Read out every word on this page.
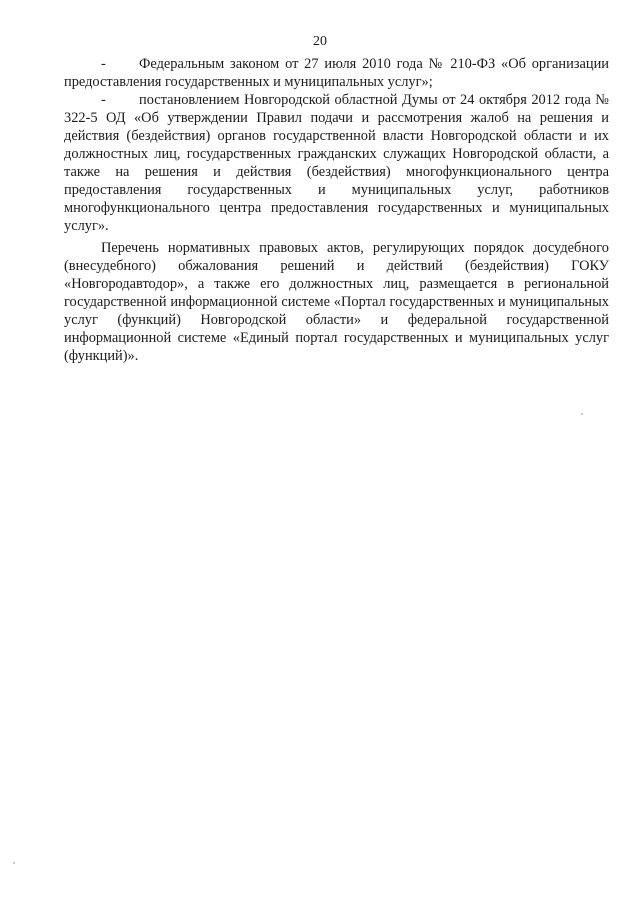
20

- Федеральным законом от 27 июля 2010 года № 210-ФЗ «Об организации предоставления государственных и муниципальных услуг»;

- постановлением Новгородской областной Думы от 24 октября 2012 года № 322-5 ОД «Об утверждении Правил подачи и рассмотрения жалоб на решения и действия (бездействия) органов государственной власти Новгородской области и их должностных лиц, государственных гражданских служащих Новгородской области, а также на решения и действия (бездействия) многофункционального центра предоставления государственных и муниципальных услуг, работников многофункционального центра предоставления государственных и муниципальных услуг».

Перечень нормативных правовых актов, регулирующих порядок досудебного (внесудебного) обжалования решений и действий (бездействия) ГОКУ «Новгородавтодор», а также его должностных лиц, размещается в региональной государственной информационной системе «Портал государственных и муниципальных услуг (функций) Новгородской области» и федеральной государственной информационной системе «Единый портал государственных и муниципальных услуг (функций)».
